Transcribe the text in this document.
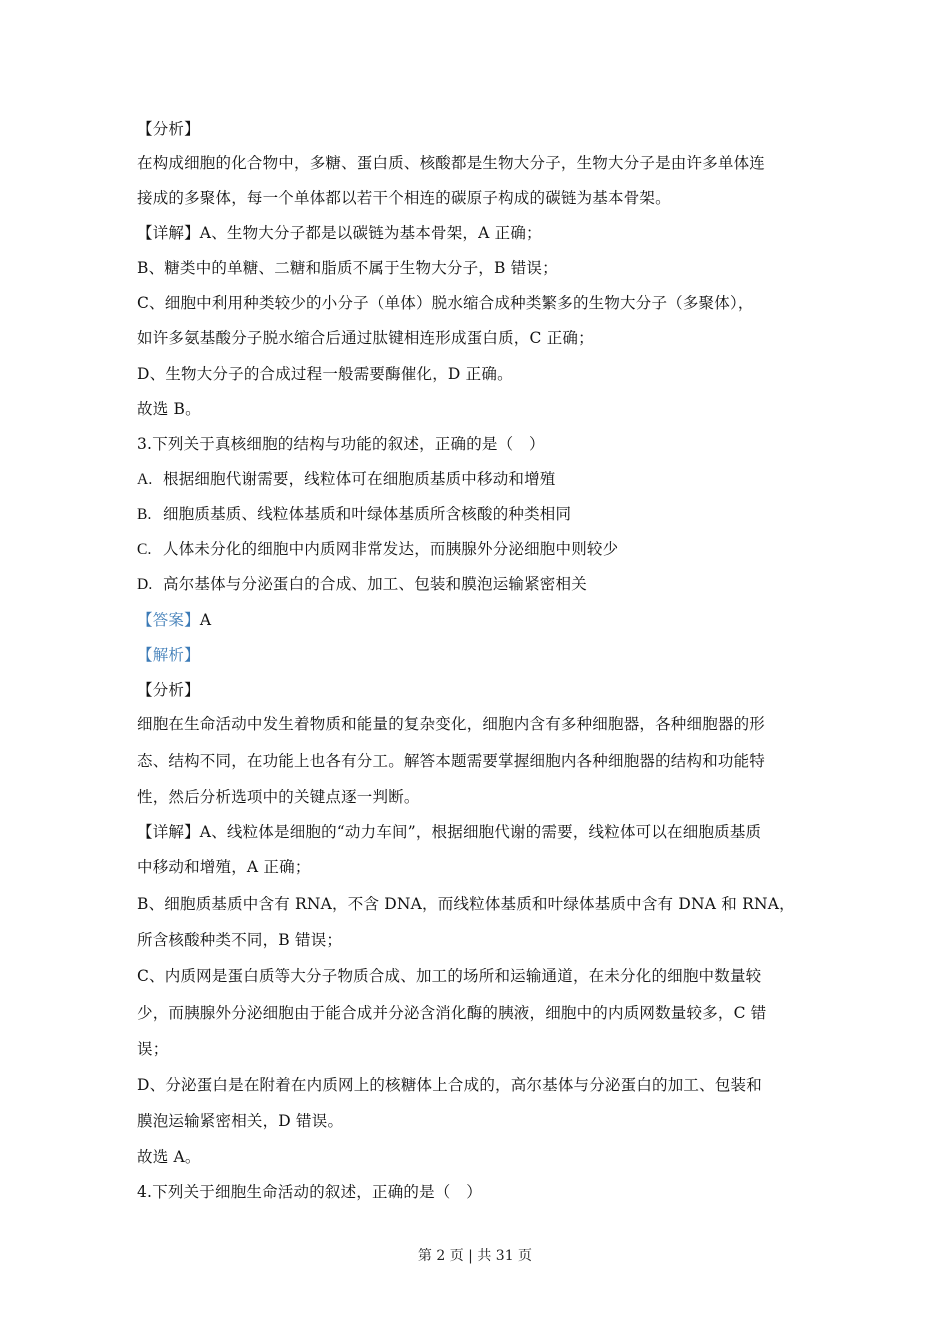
【分析】
在构成细胞的化合物中，多糖、蛋白质、核酸都是生物大分子，生物大分子是由许多单体连
接成的多聚体，每一个单体都以若干个相连的碳原子构成的碳链为基本骨架。
【详解】A、生物大分子都是以碳链为基本骨架，A 正确；
B、糖类中的单糖、二糖和脂质不属于生物大分子，B 错误；
C、细胞中利用种类较少的小分子（单体）脱水缩合成种类繁多的生物大分子（多聚体），
如许多氨基酸分子脱水缩合后通过肽键相连形成蛋白质，C 正确；
D、生物大分子的合成过程一般需要酶催化，D 正确。
故选 B。
3.下列关于真核细胞的结构与功能的叙述，正确的是（　）
A. 根据细胞代谢需要，线粒体可在细胞质基质中移动和增殖
B. 细胞质基质、线粒体基质和叶绿体基质所含核酸的种类相同
C. 人体未分化的细胞中内质网非常发达，而胰腺外分泌细胞中则较少
D. 高尔基体与分泌蛋白的合成、加工、包装和膜泡运输紧密相关
【答案】A
【解析】
【分析】
细胞在生命活动中发生着物质和能量的复杂变化，细胞内含有多种细胞器，各种细胞器的形
态、结构不同，在功能上也各有分工。解答本题需要掌握细胞内各种细胞器的结构和功能特
性，然后分析选项中的关键点逐一判断。
【详解】A、线粒体是细胞的“动力车间”，根据细胞代谢的需要，线粒体可以在细胞质基质
中移动和增殖，A 正确；
B、细胞质基质中含有 RNA，不含 DNA，而线粒体基质和叶绿体基质中含有 DNA 和 RNA，
所含核酸种类不同，B 错误；
C、内质网是蛋白质等大分子物质合成、加工的场所和运输通道，在未分化的细胞中数量较
少，而胰腺外分泌细胞由于能合成并分泌含消化酶的胰液，细胞中的内质网数量较多，C 错
误；
D、分泌蛋白是在附着在内质网上的核糖体上合成的，高尔基体与分泌蛋白的加工、包装和
膜泡运输紧密相关，D 错误。
故选 A。
4.下列关于细胞生命活动的叙述，正确的是（　）
第 2 页 | 共 31 页
